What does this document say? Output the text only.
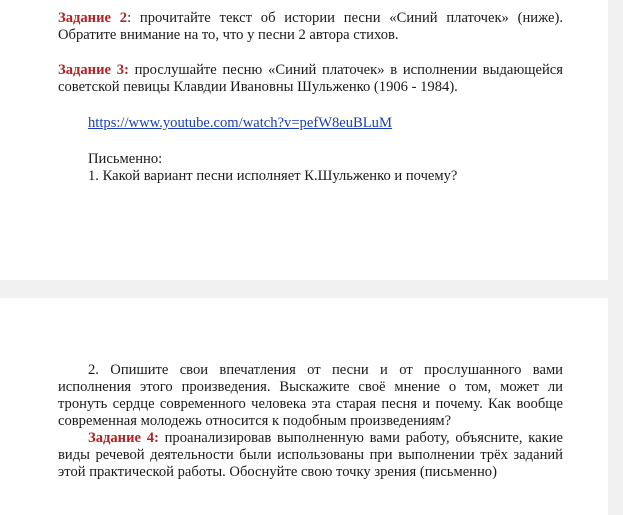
Задание 2: прочитайте текст об истории песни «Синий платочек» (ниже). Обратите внимание на то, что у песни 2 автора стихов.

Задание 3: прослушайте песню «Синий платочек» в исполнении выдающейся советской певицы Клавдии Ивановны Шульженко (1906 - 1984).

https://www.youtube.com/watch?v=pefW8euBLuM

Письменно:

1. Какой вариант песни исполняет К.Шульженко и почему?

2. Опишите свои впечатления от песни и от прослушанного вами исполнения этого произведения. Выскажите своё мнение о том, может ли тронуть сердце современного человека эта старая песня и почему. Как вообще современная молодежь относится к подобным произведениям?

Задание 4: проанализировав выполненную вами работу, объясните, какие виды речевой деятельности были использованы при выполнении трёх заданий этой практической работы. Обоснуйте свою точку зрения (письменно)
